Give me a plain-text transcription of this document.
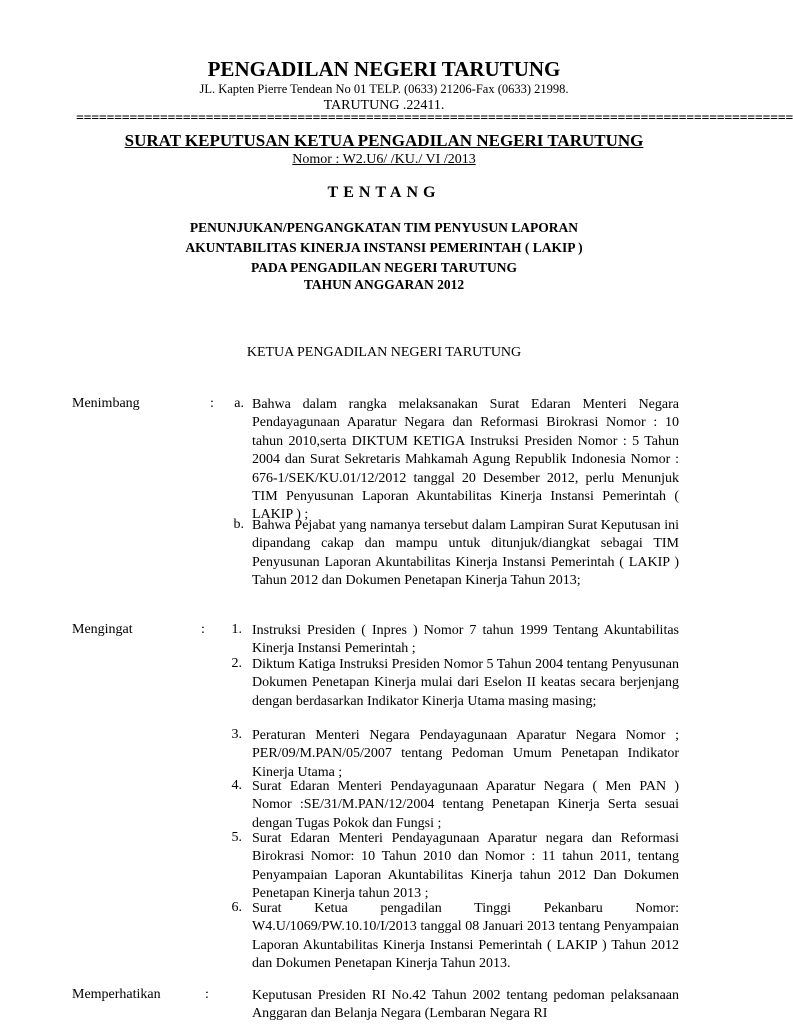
PENGADILAN NEGERI TARUTUNG
JL. Kapten Pierre Tendean No 01 TELP. (0633) 21206-Fax (0633) 21998.
TARUTUNG .22411.
==============================================================================================
SURAT KEPUTUSAN KETUA PENGADILAN NEGERI TARUTUNG
Nomor : W2.U6/ /KU./ VI /2013
TENTANG
PENUNJUKAN/PENGANGKATAN TIM PENYUSUN LAPORAN
AKUNTABILITAS KINERJA INSTANSI PEMERINTAH ( LAKIP )
PADA PENGADILAN NEGERI TARUTUNG
TAHUN ANGGARAN 2012
KETUA PENGADILAN NEGERI TARUTUNG
Menimbang	:	a. Bahwa dalam rangka melaksanakan Surat Edaran Menteri Negara Pendayagunaan Aparatur Negara dan Reformasi Birokrasi Nomor : 10 tahun 2010,serta DIKTUM KETIGA Instruksi Presiden Nomor : 5 Tahun 2004 dan Surat Sekretaris Mahkamah Agung Republik Indonesia Nomor : 676-1/SEK/KU.01/12/2012 tanggal 20 Desember 2012, perlu Menunjuk TIM Penyusunan Laporan Akuntabilitas Kinerja Instansi Pemerintah ( LAKIP ) ;
b. Bahwa Pejabat yang namanya tersebut dalam Lampiran Surat Keputusan ini dipandang cakap dan mampu untuk ditunjuk/diangkat sebagai TIM Penyusunan Laporan Akuntabilitas Kinerja Instansi Pemerintah ( LAKIP ) Tahun 2012 dan Dokumen Penetapan Kinerja Tahun 2013;
Mengingat	:	1. Instruksi Presiden ( Inpres ) Nomor 7 tahun 1999 Tentang Akuntabilitas Kinerja Instansi Pemerintah ;
2. Diktum Katiga Instruksi Presiden Nomor 5 Tahun 2004 tentang Penyusunan Dokumen Penetapan Kinerja mulai dari Eselon II keatas secara berjenjang dengan berdasarkan Indikator Kinerja Utama masing masing;
3. Peraturan Menteri Negara Pendayagunaan Aparatur Negara Nomor ; PER/09/M.PAN/05/2007 tentang Pedoman Umum Penetapan Indikator Kinerja Utama ;
4. Surat Edaran Menteri Pendayagunaan Aparatur Negara ( Men PAN ) Nomor :SE/31/M.PAN/12/2004 tentang Penetapan Kinerja Serta sesuai dengan Tugas Pokok dan Fungsi ;
5. Surat Edaran Menteri Pendayagunaan Aparatur negara dan Reformasi Birokrasi Nomor: 10 Tahun 2010 dan Nomor : 11 tahun 2011, tentang Penyampaian Laporan Akuntabilitas Kinerja tahun 2012 Dan Dokumen Penetapan Kinerja tahun 2013 ;
6. Surat Ketua pengadilan Tinggi Pekanbaru Nomor: W4.U/1069/PW.10.10/I/2013 tanggal 08 Januari 2013 tentang Penyampaian Laporan Akuntabilitas Kinerja Instansi Pemerintah ( LAKIP ) Tahun 2012 dan Dokumen Penetapan Kinerja Tahun 2013.
Memperhatikan	:	Keputusan Presiden RI No.42 Tahun 2002 tentang pedoman pelaksanaan Anggaran dan Belanja Negara (Lembaran Negara RI
